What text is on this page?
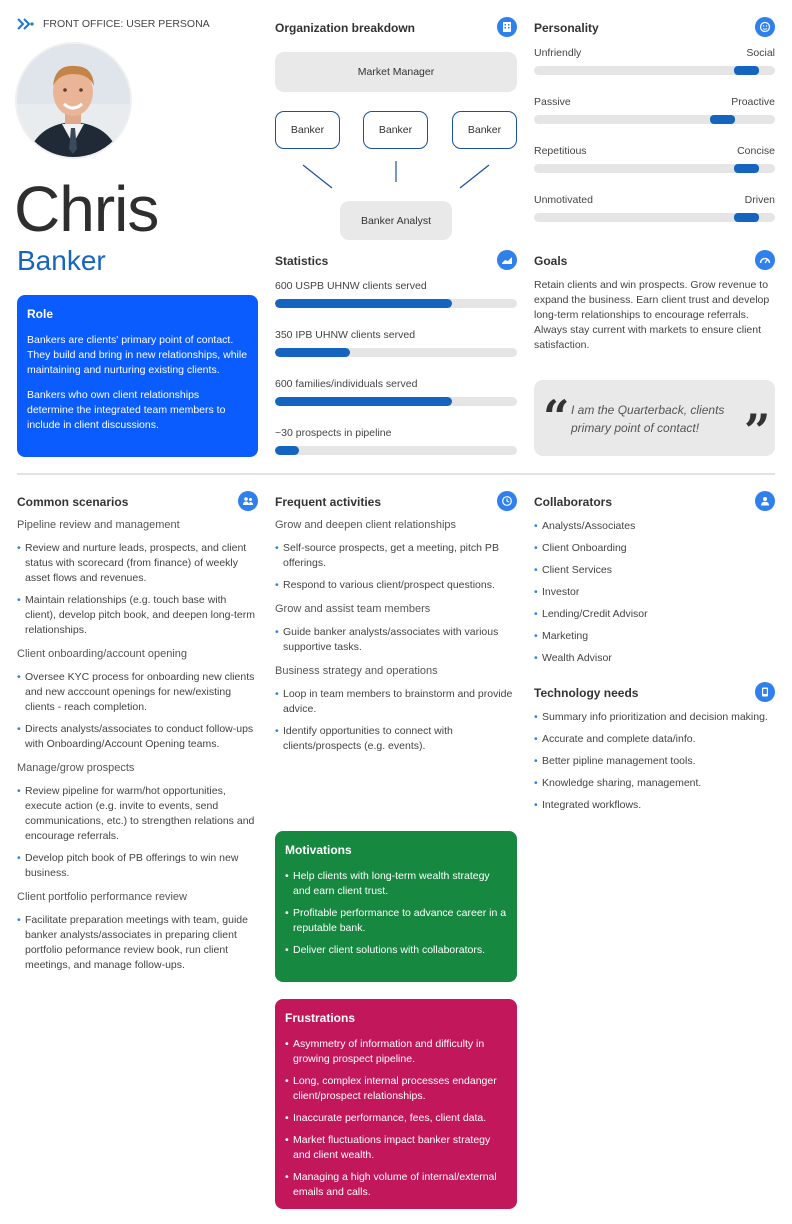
FRONT OFFICE: USER PERSONA
Chris
Banker
Role

Bankers are clients' primary point of contact. They build and bring in new relationships, while maintaining and nurturing existing clients.

Bankers who own client relationships determine the integrated team members to include in client discussions.

Organization breakdown
Market Manager
Banker	Banker	Banker
Banker Analyst
Statistics
600 USPB UHNW clients served
350 IPB UHNW clients served
600 families/individuals served
~30 prospects in pipeline
Personality
Unfriendly	Social
Passive	Proactive
Repetitious	Concise
Unmotivated	Driven
Goals
Retain clients and win prospects. Grow revenue to expand the business. Earn client trust and develop long-term relationships to encourage referrals. Always stay current with markets to ensure client satisfaction.
“ I am the Quarterback, clients primary point of contact! ”
Common scenarios
Pipeline review and management
• Review and nurture leads, prospects, and client status with scorecard (from finance) of weekly asset flows and revenues.
• Maintain relationships (e.g. touch base with client), develop pitch book, and deepen long-term relationships.
Client onboarding/account opening
• Oversee KYC process for onboarding new clients and new acccount openings for new/existing clients - reach completion.
• Directs analysts/associates to conduct follow-ups with Onboarding/Account Opening teams.
Manage/grow prospects
• Review pipeline for warm/hot opportunities, execute action (e.g. invite to events, send communications, etc.) to strengthen relations and encourage referrals.
• Develop pitch book of PB offerings to win new business.
Client portfolio performance review
• Facilitate preparation meetings with team, guide banker analysts/associates in preparing client portfolio peformance review book, run client meetings, and manage follow-ups.
Frequent activities
Grow and deepen client relationships
• Self-source prospects, get a meeting, pitch PB offerings.
• Respond to various client/prospect questions.
Grow and assist team members
• Guide banker analysts/associates with various supportive tasks.
Business strategy and operations
• Loop in team members to brainstorm and provide advice.
• Identify opportunities to connect with clients/prospects (e.g. events).
Motivations
• Help clients with long-term wealth strategy and earn client trust.
• Profitable performance to advance career in a reputable bank.
• Deliver client solutions with collaborators.
Frustrations
• Asymmetry of information and difficulty in growing prospect pipeline.
• Long, complex internal processes endanger client/prospect relationships.
• Inaccurate performance, fees, client data.
• Market fluctuations impact banker strategy and client wealth.
• Managing a high volume of internal/external emails and calls.
Collaborators
• Analysts/Associates
• Client Onboarding
• Client Services
• Investor
• Lending/Credit Advisor
• Marketing
• Wealth Advisor
Technology needs
• Summary info prioritization and decision making.
• Accurate and complete data/info.
• Better pipline management tools.
• Knowledge sharing, management.
• Integrated workflows.
